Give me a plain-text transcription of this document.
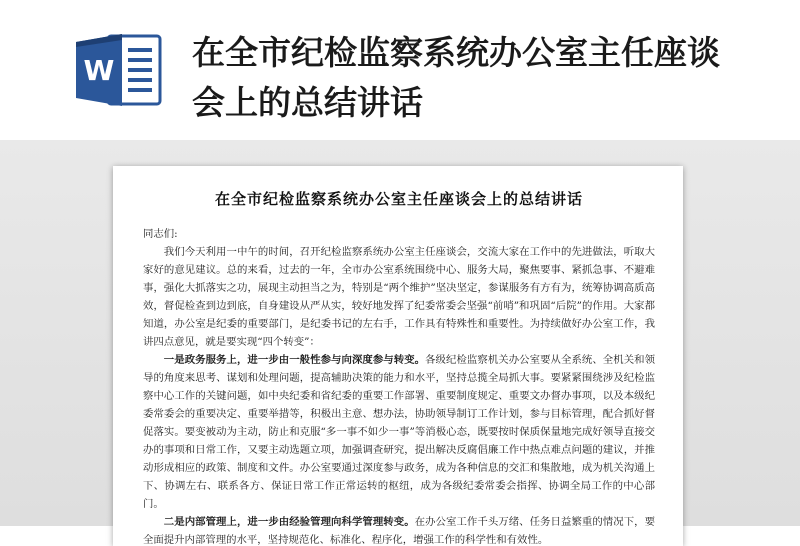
W 在全市纪检监察系统办公室主任座谈会上的总结讲话
在全市纪检监察系统办公室主任座谈会上的总结讲话

同志们:

我们今天利用一中午的时间，召开纪检监察系统办公室主任座谈会，交流大家在工作中的先进做法，听取大家好的意见建议。总的来看，过去的一年，全市办公室系统围绕中心、服务大局，聚焦要事、紧抓急事、不避难事，强化大抓落实之功，展现主动担当之为，特别是“两个维护”坚决坚定，参谋服务有方有为，统筹协调高质高效，督促检查到边到底，自身建设从严从实，较好地发挥了纪委常委会坚强“前哨”和巩固“后院”的作用。大家都知道，办公室是纪委的重要部门，是纪委书记的左右手，工作具有特殊性和重要性。为持续做好办公室工作，我讲四点意见，就是要实现“四个转变”：

一是政务服务上，进一步由一般性参与向深度参与转变。各级纪检监察机关办公室要从全系统、全机关和领导的角度来思考、谋划和处理问题，提高辅助决策的能力和水平，坚持总揽全局抓大事。要紧紧围绕涉及纪检监察中心工作的关键问题，如中央纪委和省纪委的重要工作部署、重要制度规定、重要文办督办事项，以及本级纪委常委会的重要决定、重要举措等，积极出主意、想办法，协助领导制订工作计划，参与目标管理，配合抓好督促落实。要变被动为主动，防止和克服“多一事不如少一事”等消极心态，既要按时保质保量地完成好领导直接交办的事项和日常工作，又要主动选题立项，加强调查研究，提出解决反腐倡廉工作中热点难点问题的建议，并推动形成相应的政策、制度和文件。办公室要通过深度参与政务，成为各种信息的交汇和集散地，成为机关沟通上下、协调左右、联系各方、保证日常工作正常运转的枢纽，成为各级纪委常委会指挥、协调全局工作的中心部门。

二是内部管理上，进一步由经验管理向科学管理转变。在办公室工作千头万绪、任务日益繁重的情况下，要全面提升内部管理的水平，坚持规范化、标准化、程序化，增强工作的科学性和有效性。
